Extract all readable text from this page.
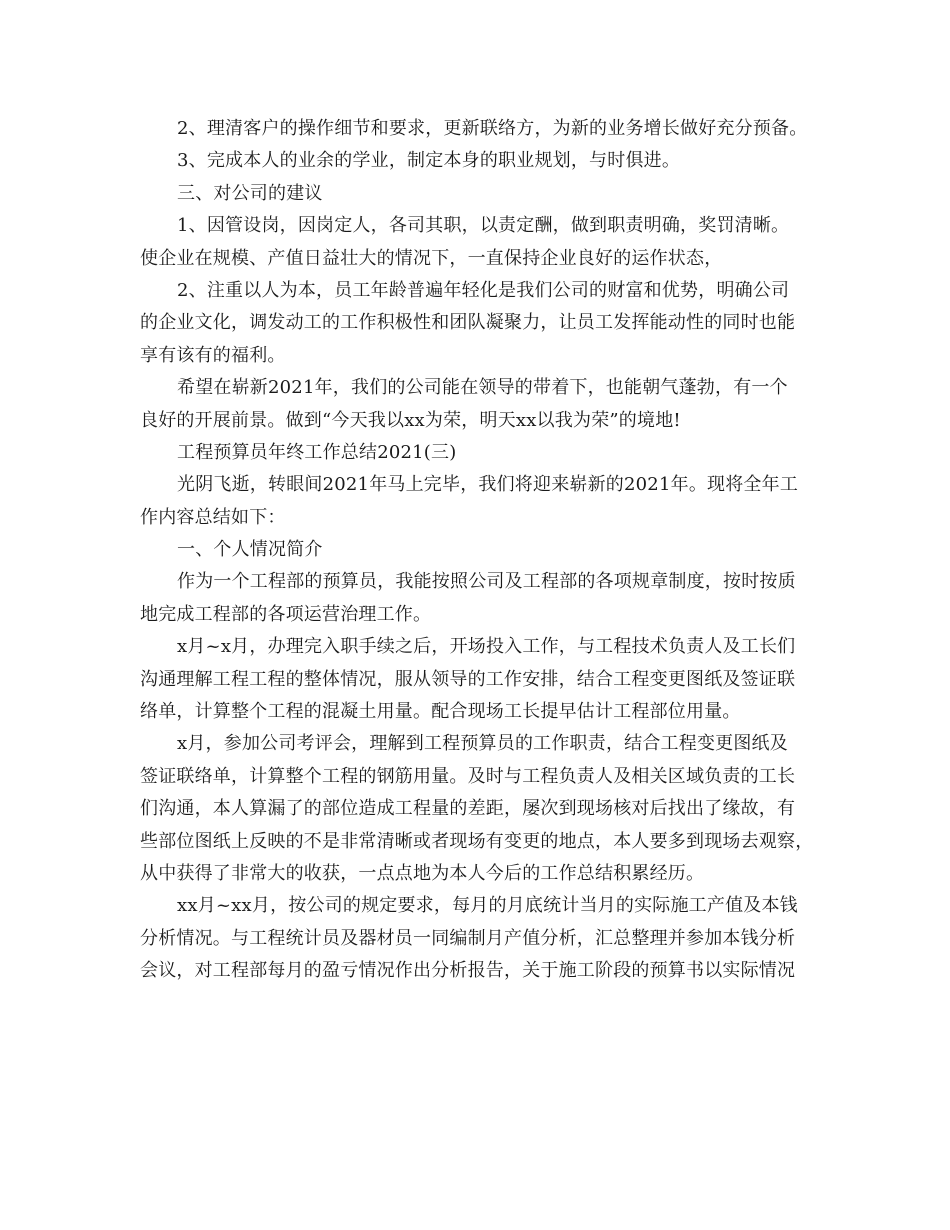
2、理清客户的操作细节和要求，更新联络方，为新的业务增长做好充分预备。
3、完成本人的业余的学业，制定本身的职业规划，与时俱进。
三、对公司的建议
1、因管设岗，因岗定人，各司其职，以责定酬，做到职责明确，奖罚清晰。
使企业在规模、产值日益壮大的情况下，一直保持企业良好的运作状态，
2、注重以人为本，员工年龄普遍年轻化是我们公司的财富和优势，明确公司
的企业文化，调发动工的工作积极性和团队凝聚力，让员工发挥能动性的同时也能
享有该有的福利。
希望在崭新2021年，我们的公司能在领导的带着下，也能朝气蓬勃，有一个
良好的开展前景。做到“今天我以xx为荣，明天xx以我为荣”的境地!
工程预算员年终工作总结2021(三)
光阴飞逝，转眼间2021年马上完毕，我们将迎来崭新的2021年。现将全年工
作内容总结如下：
一、个人情况简介
作为一个工程部的预算员，我能按照公司及工程部的各项规章制度，按时按质
地完成工程部的各项运营治理工作。
x月~x月，办理完入职手续之后，开场投入工作，与工程技术负责人及工长们
沟通理解工程工程的整体情况，服从领导的工作安排，结合工程变更图纸及签证联
络单，计算整个工程的混凝土用量。配合现场工长提早估计工程部位用量。
x月，参加公司考评会，理解到工程预算员的工作职责，结合工程变更图纸及
签证联络单，计算整个工程的钢筋用量。及时与工程负责人及相关区域负责的工长
们沟通，本人算漏了的部位造成工程量的差距，屡次到现场核对后找出了缘故，有
些部位图纸上反映的不是非常清晰或者现场有变更的地点，本人要多到现场去观察，
从中获得了非常大的收获，一点点地为本人今后的工作总结积累经历。
xx月~xx月，按公司的规定要求，每月的月底统计当月的实际施工产值及本钱
分析情况。与工程统计员及器材员一同编制月产值分析，汇总整理并参加本钱分析
会议，对工程部每月的盈亏情况作出分析报告，关于施工阶段的预算书以实际情况
